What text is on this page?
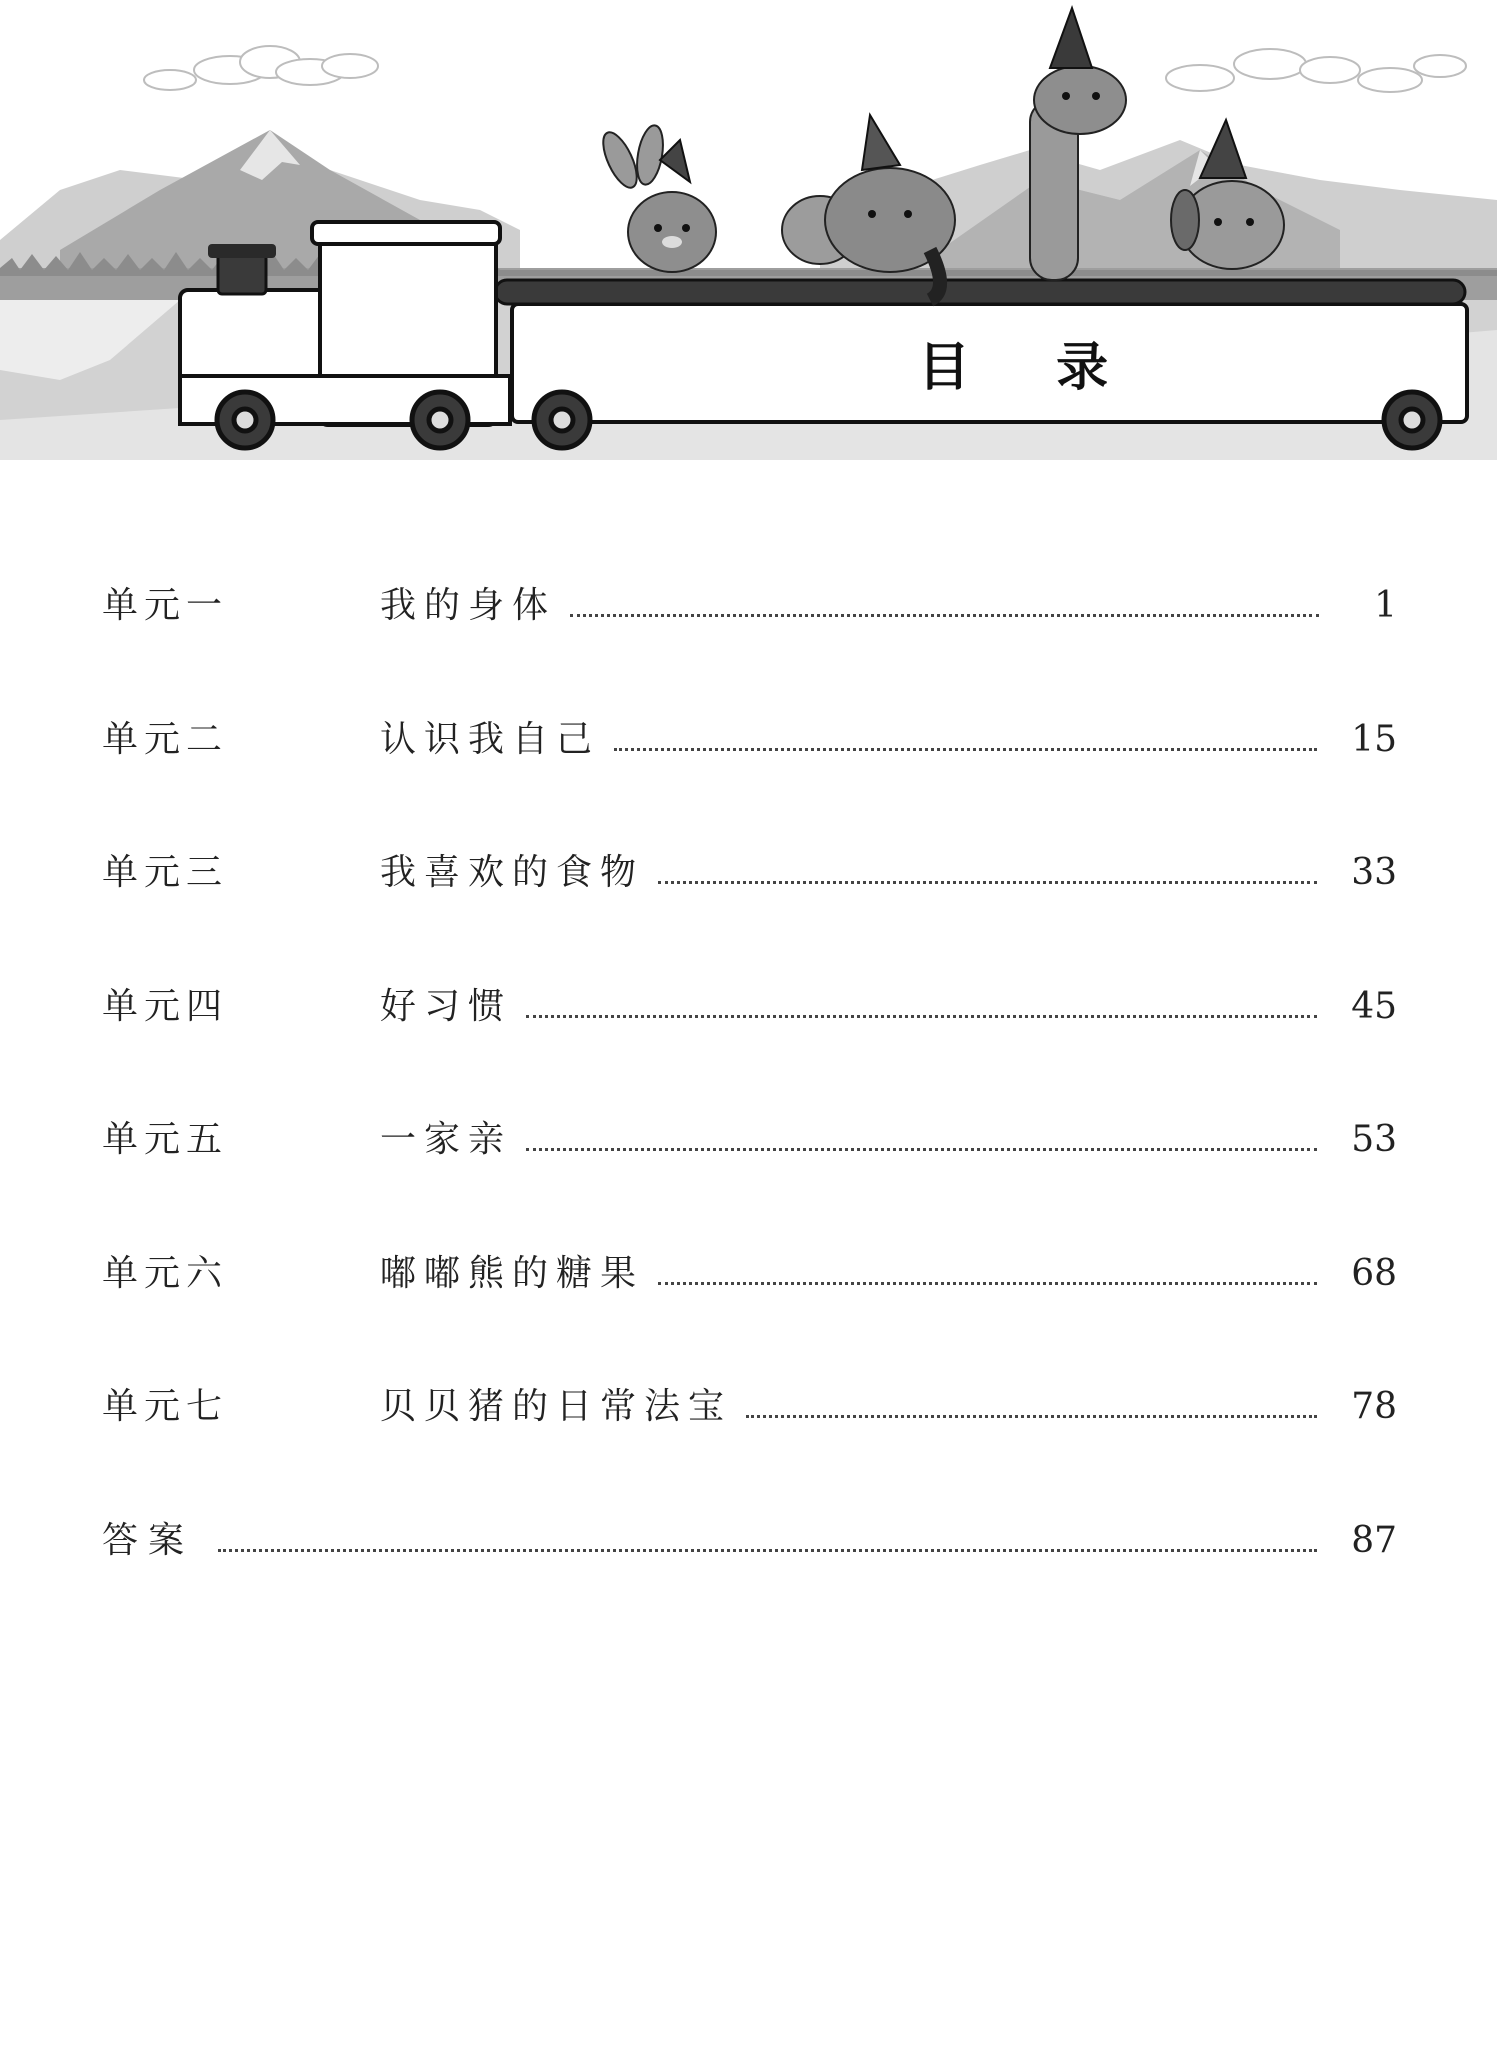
目 录
单元一	我的身体	1
单元二	认识我自己	15
单元三	我喜欢的食物	33
单元四	好习惯	45
单元五	一家亲	53
单元六	嘟嘟熊的糖果	68
单元七	贝贝猪的日常法宝	78
答案	87
